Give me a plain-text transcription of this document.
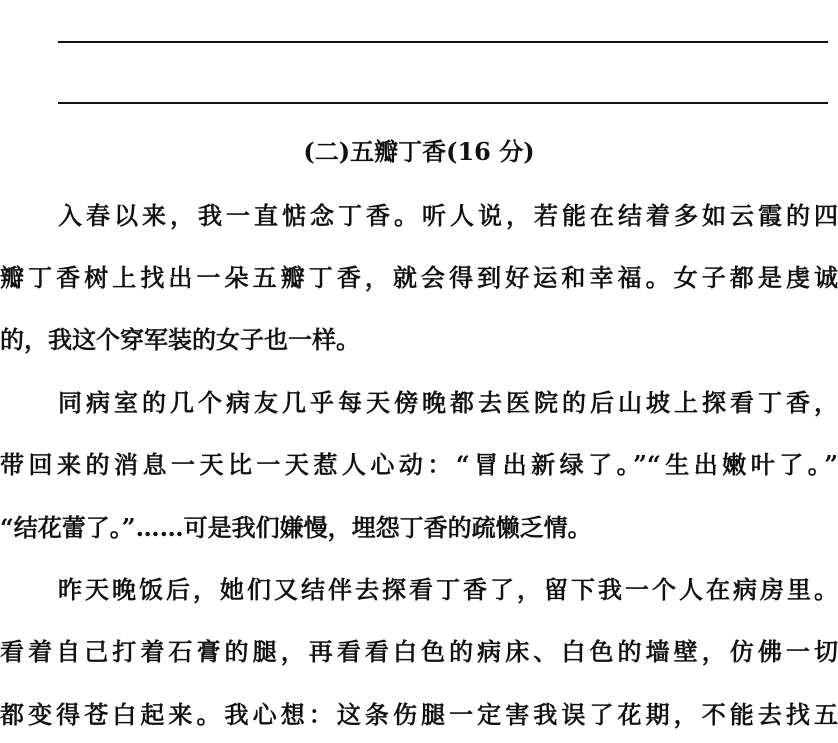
(二)五瓣丁香(16 分)
入春以来，我一直惦念丁香。听人说，若能在结着多如云霞的四
瓣丁香树上找出一朵五瓣丁香，就会得到好运和幸福。女子都是虔诚
的，我这个穿军装的女子也一样。
同病室的几个病友几乎每天傍晚都去医院的后山坡上探看丁香，
带回来的消息一天比一天惹人心动：“冒出新绿了。”“生出嫩叶了。”
“结花蕾了。”……可是我们嫌慢，埋怨丁香的疏懒乏情。
昨天晚饭后，她们又结伴去探看丁香了，留下我一个人在病房里。
看着自己打着石膏的腿，再看看白色的病床、白色的墙壁，仿佛一切
都变得苍白起来。我心想：这条伤腿一定害我误了花期，不能去找五
